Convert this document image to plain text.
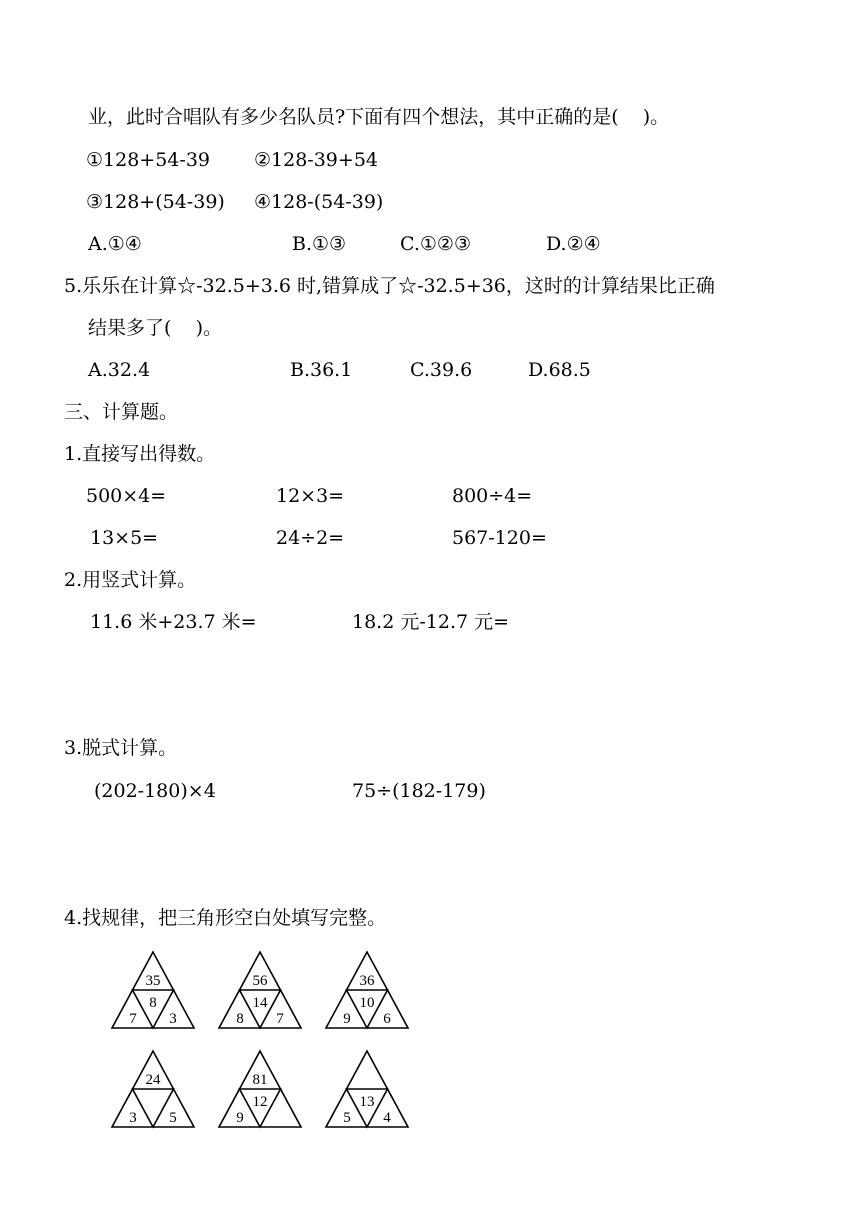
业，此时合唱队有多少名队员?下面有四个想法，其中正确的是(    )。
①128+54-39 ②128-39+54
③128+(54-39) ④128-(54-39)
A.①④	B.①③	C.①②③	D.②④
5.乐乐在计算☆-32.5+3.6 时,错算成了☆-32.5+36，这时的计算结果比正确
结果多了(    )。
A.32.4	B.36.1	C.39.6	D.68.5
三、计算题。
1.直接写出得数。
500×4=	12×3=	800÷4=
13×5=	24÷2=	567-120=
2.用竖式计算。
11.6 米+23.7 米=	18.2 元-12.7 元=
3.脱式计算。
(202-180)×4	75÷(182-179)
4.找规律，把三角形空白处填写完整。
35
8
7 3
56
14
8 7
36
10
9 6
24
3 5
81
12
9
13
5 4
